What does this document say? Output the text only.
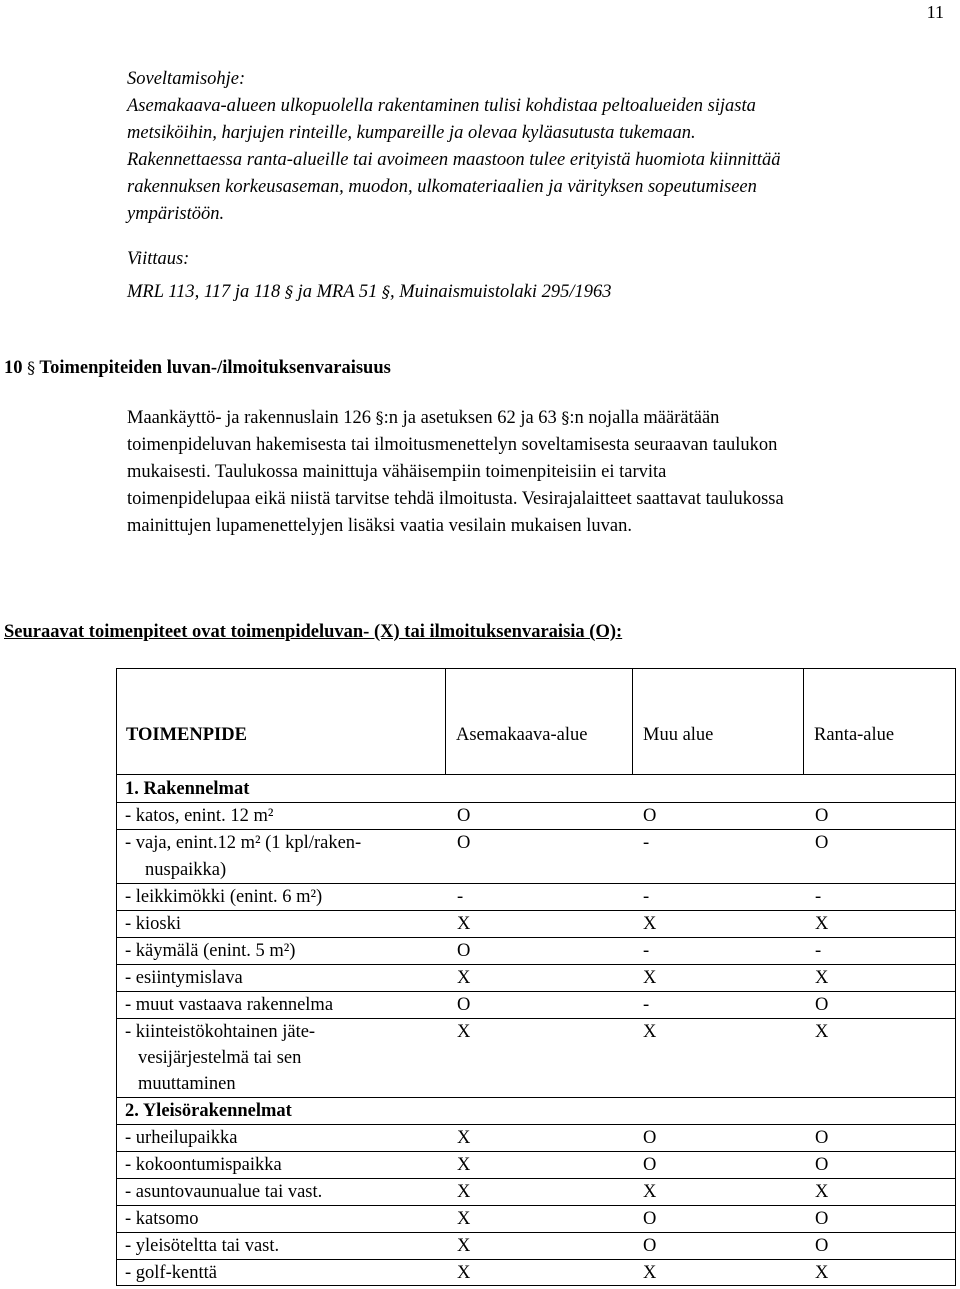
11
Soveltamisohje:
Asemakaava-alueen ulkopuolella rakentaminen tulisi kohdistaa peltoalueiden sijasta
metsiköihin, harjujen rinteille, kumpareille ja olevaa kyläasutusta tukemaan.
Rakennettaessa ranta-alueille tai avoimeen maastoon tulee erityistä huomiota kiinnittää
rakennuksen korkeusaseman, muodon, ulkomateriaalien ja värityksen sopeutumiseen
ympäristöön.
Viittaus:
MRL 113, 117 ja 118 § ja MRA 51 §, Muinaismuistolaki 295/1963
10 § Toimenpiteiden luvan-/ilmoituksenvaraisuus
Maankäyttö- ja rakennuslain 126 §:n ja asetuksen 62 ja 63 §:n nojalla määrätään
toimenpideluvan hakemisesta tai ilmoitusmenettelyn soveltamisesta seuraavan taulukon
mukaisesti. Taulukossa mainittuja vähäisempiin toimenpiteisiin ei tarvita
toimenpidelupaa eikä niistä tarvitse tehdä ilmoitusta. Vesirajalaitteet saattavat taulukossa
mainittujen lupamenettelyjen lisäksi vaatia vesilain mukaisen luvan.
Seuraavat toimenpiteet ovat toimenpideluvan- (X) tai ilmoituksenvaraisia (O):
TOIMENPIDE	Asemakaava-alue	Muu alue	Ranta-alue
1. Rakennelmat
- katos, enint. 12 m²	O	O	O
- vaja, enint.12 m² (1 kpl/raken-	O	-	O
nuspaikka)
- leikkimökki (enint. 6 m²)	-	-	-
- kioski	X	X	X
- käymälä (enint. 5 m²)	O	-	-
- esiintymislava	X	X	X
- muut vastaava rakennelma	O	-	O
- kiinteistökohtainen jäte-	X	X	X
vesijärjestelmä tai sen
muuttaminen
2. Yleisörakennelmat
- urheilupaikka	X	O	O
- kokoontumispaikka	X	O	O
- asuntovaunualue tai vast.	X	X	X
- katsomo	X	O	O
- yleisöteltta tai vast.	X	O	O
- golf-kenttä	X	X	X
